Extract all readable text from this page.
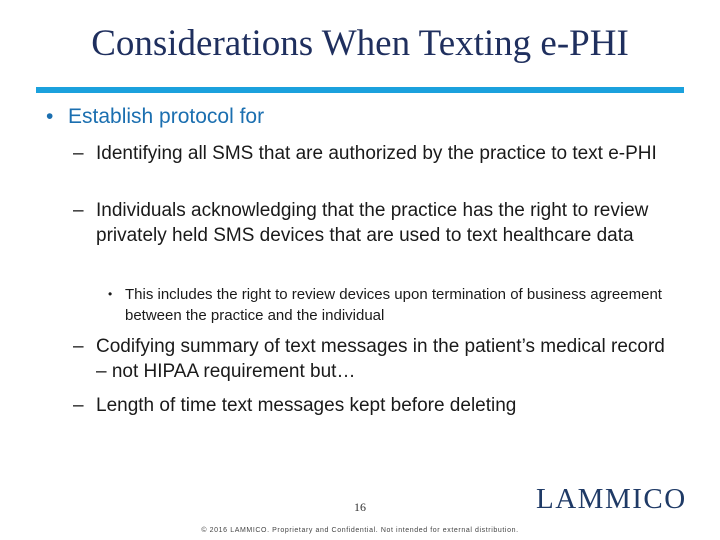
Considerations When Texting e-PHI
• Establish protocol for
– Identifying all SMS that are authorized by the practice to text e-PHI
– Individuals acknowledging that the practice has the right to review privately held SMS devices that are used to text healthcare data
• This includes the right to review devices upon termination of business agreement between the practice and the individual
– Codifying summary of text messages in the patient’s medical record – not HIPAA requirement but…
– Length of time text messages kept before deleting
16
© 2016 LAMMICO. Proprietary and Confidential. Not intended for external distribution.
LAMMICO
